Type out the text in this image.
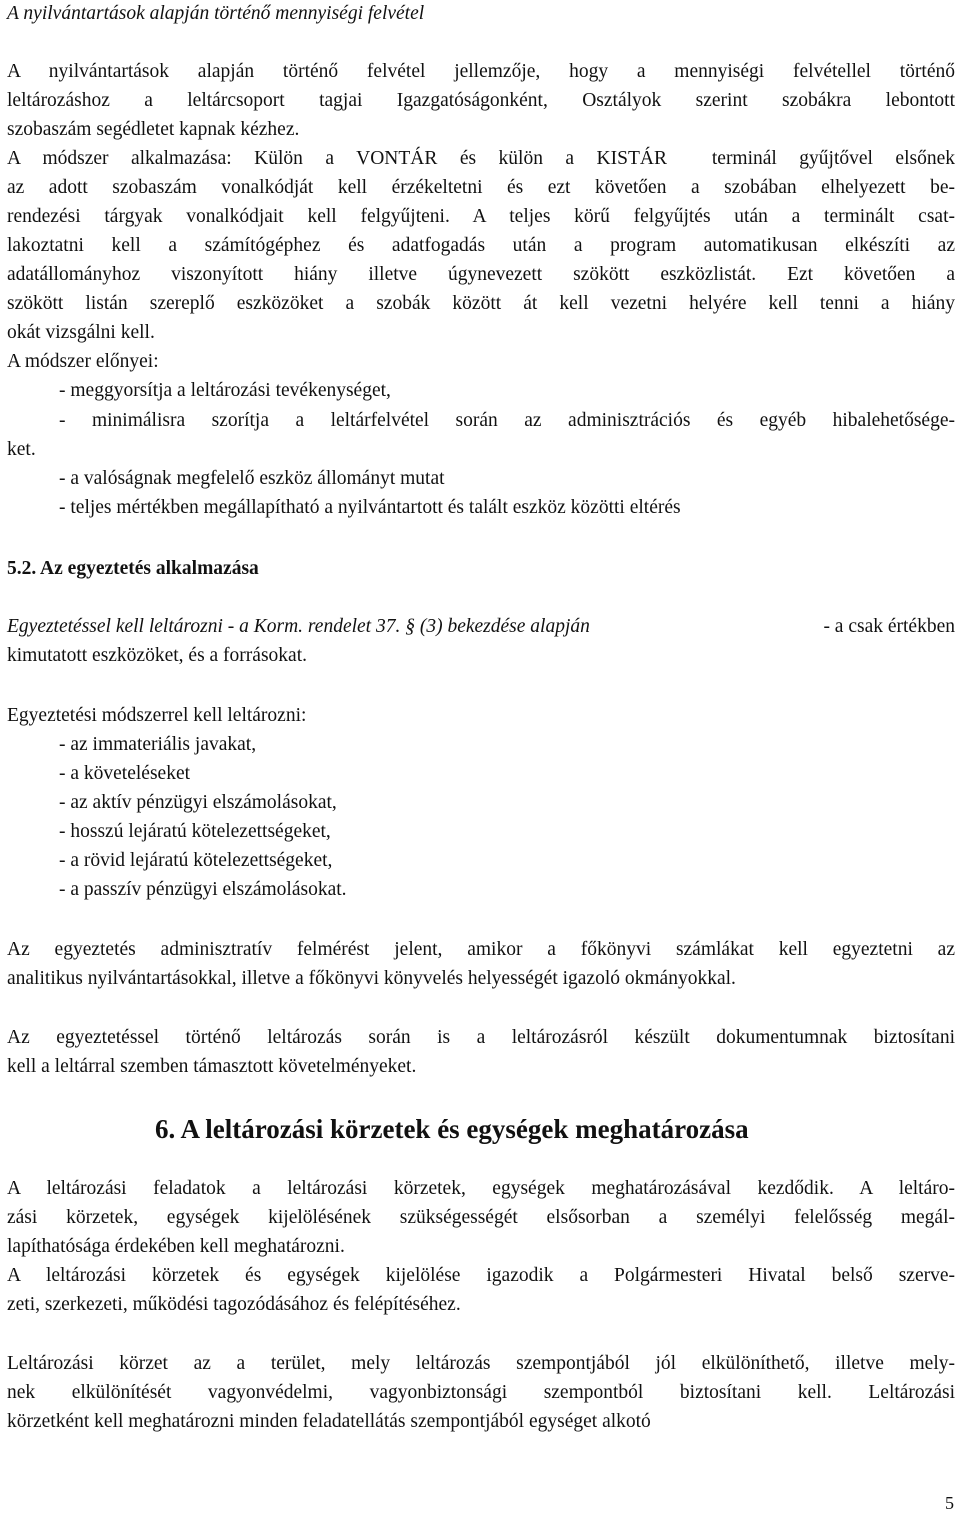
A nyilvántartások alapján történő mennyiségi felvétel
A nyilvántartások alapján történő felvétel jellemzője, hogy a mennyiségi felvétellel történő
leltározáshoz a leltárcsoport tagjai Igazgatóságonként, Osztályok szerint szobákra lebontott
szobaszám segédletet kapnak kézhez.
az adott szobaszám vonalkódját kell érzékeltetni és ezt követően a szobában elhelyezett be-
rendezési tárgyak vonalkódjait kell felgyűjteni. A teljes körű felgyűjtés után a terminált csat-
lakoztatni kell a számítógéphez és adatfogadás után a program automatikusan elkészíti az
adatállományhoz viszonyított hiány illetve úgynevezett szökött eszközlistát. Ezt követően a
szökött listán szereplő eszközöket a szobák között át kell vezetni helyére kell tenni a hiány
okát vizsgálni kell.
A módszer előnyei:
- meggyorsítja a leltározási tevékenységet,
- minimálisra szorítja a leltárfelvétel során az adminisztrációs és egyéb hibalehetősége-
ket.
- a valóságnak megfelelő eszköz állományt mutat
- teljes mértékben megállapítható a nyilvántartott és talált eszköz közötti eltérés
5.2. Az egyeztetés alkalmazása
Egyeztetéssel kell leltározni - a Korm. rendelet 37. § (3) bekezdése alapján	- a csak értékben
kimutatott eszközöket, és a forrásokat.
Egyeztetési módszerrel kell leltározni:
- az immateriális javakat,
- a követeléseket
- az aktív pénzügyi elszámolásokat,
- hosszú lejáratú kötelezettségeket,
- a rövid lejáratú kötelezettségeket,
- a passzív pénzügyi elszámolásokat.
Az egyeztetés adminisztratív felmérést jelent, amikor a főkönyvi számlákat kell egyeztetni az
analitikus nyilvántartásokkal, illetve a főkönyvi könyvelés helyességét igazoló okmányokkal.
Az egyeztetéssel történő leltározás során is a leltározásról készült dokumentumnak biztosítani
kell a leltárral szemben támasztott követelményeket.
6. A leltározási körzetek és egységek meghatározása
A leltározási feladatok a leltározási körzetek, egységek meghatározásával kezdődik. A leltáro-
zási körzetek, egységek kijelölésének szükségességét elsősorban a személyi felelősség megál-
lapíthatósága érdekében kell meghatározni.
A leltározási körzetek és egységek kijelölése igazodik a Polgármesteri Hivatal belső szerve-
zeti, szerkezeti, működési tagozódásához és felépítéséhez.
Leltározási körzet az a terület, mely leltározás szempontjából jól elkülöníthető, illetve mely-
nek elkülönítését vagyonvédelmi, vagyonbiztonsági szempontból biztosítani kell. Leltározási
körzetként kell meghatározni minden feladatellátás szempontjából egységet alkotó
A módszer alkalmazása: Külön a VONTÁR és külön a KISTÁR  terminál gyűjtővel elsőnek
5
